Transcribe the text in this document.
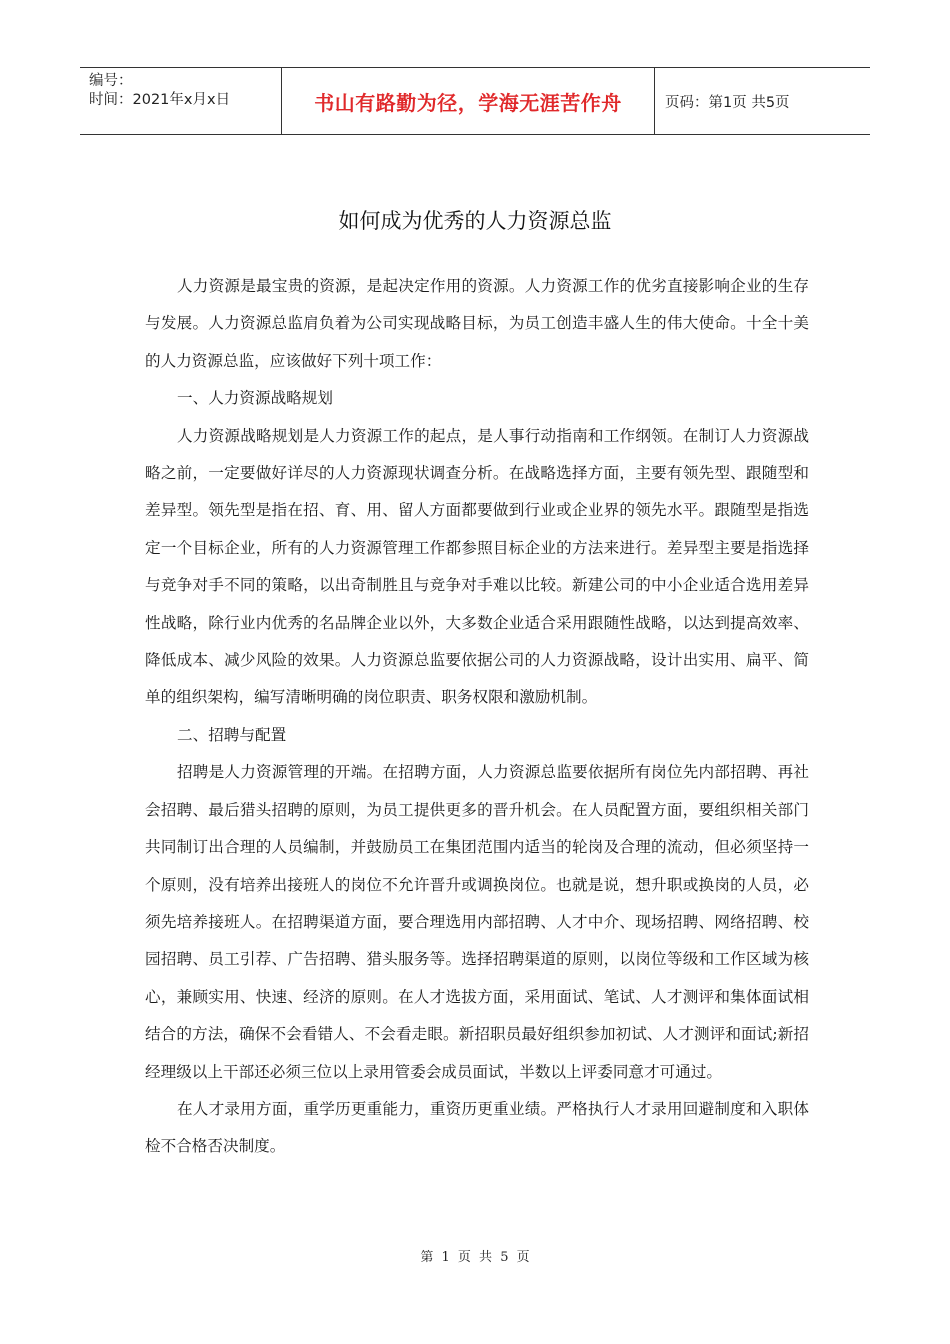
编号：
时间：2021年x月x日	书山有路勤为径，学海无涯苦作舟	页码：第1页 共5页
如何成为优秀的人力资源总监

人力资源是最宝贵的资源，是起决定作用的资源。人力资源工作的优劣直接影响企业的生存与发展。人力资源总监肩负着为公司实现战略目标，为员工创造丰盛人生的伟大使命。十全十美的人力资源总监，应该做好下列十项工作：

一、人力资源战略规划

人力资源战略规划是人力资源工作的起点，是人事行动指南和工作纲领。在制订人力资源战略之前，一定要做好详尽的人力资源现状调查分析。在战略选择方面，主要有领先型、跟随型和差异型。领先型是指在招、育、用、留人方面都要做到行业或企业界的领先水平。跟随型是指选定一个目标企业，所有的人力资源管理工作都参照目标企业的方法来进行。差异型主要是指选择与竞争对手不同的策略，以出奇制胜且与竞争对手难以比较。新建公司的中小企业适合选用差异性战略，除行业内优秀的名品牌企业以外，大多数企业适合采用跟随性战略，以达到提高效率、降低成本、减少风险的效果。人力资源总监要依据公司的人力资源战略，设计出实用、扁平、简单的组织架构，编写清晰明确的岗位职责、职务权限和激励机制。

二、招聘与配置

招聘是人力资源管理的开端。在招聘方面，人力资源总监要依据所有岗位先内部招聘、再社会招聘、最后猎头招聘的原则，为员工提供更多的晋升机会。在人员配置方面，要组织相关部门共同制订出合理的人员编制，并鼓励员工在集团范围内适当的轮岗及合理的流动，但必须坚持一个原则，没有培养出接班人的岗位不允许晋升或调换岗位。也就是说，想升职或换岗的人员，必须先培养接班人。在招聘渠道方面，要合理选用内部招聘、人才中介、现场招聘、网络招聘、校园招聘、员工引荐、广告招聘、猎头服务等。选择招聘渠道的原则，以岗位等级和工作区域为核心，兼顾实用、快速、经济的原则。在人才选拔方面，采用面试、笔试、人才测评和集体面试相结合的方法，确保不会看错人、不会看走眼。新招职员最好组织参加初试、人才测评和面试;新招经理级以上干部还必须三位以上录用管委会成员面试，半数以上评委同意才可通过。

在人才录用方面，重学历更重能力，重资历更重业绩。严格执行人才录用回避制度和入职体检不合格否决制度。

第 1 页 共 5 页
